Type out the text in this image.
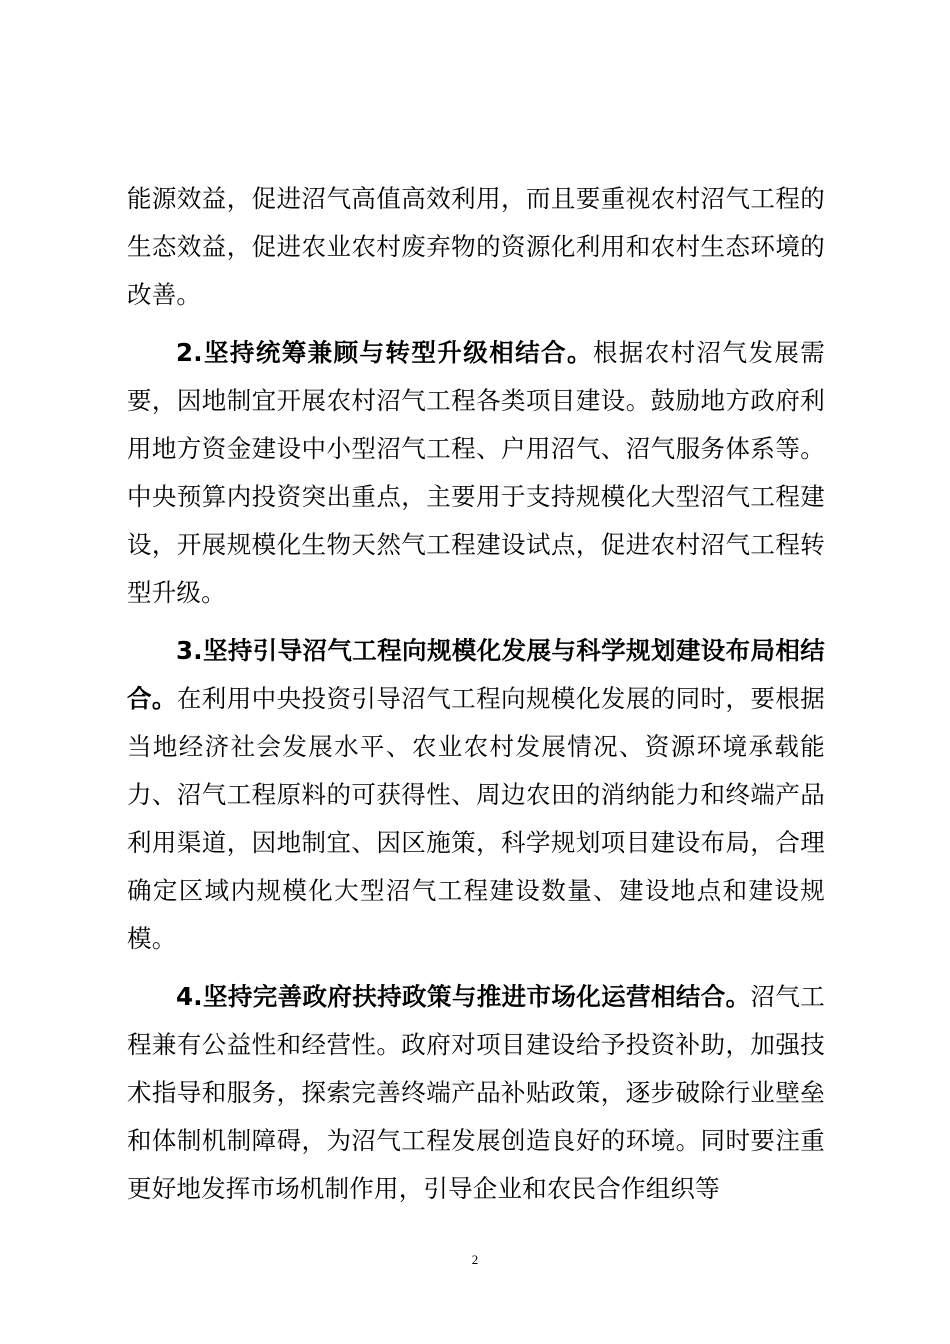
能源效益，促进沼气高值高效利用，而且要重视农村沼气工程的生态效益，促进农业农村废弃物的资源化利用和农村生态环境的改善。

2.坚持统筹兼顾与转型升级相结合。根据农村沼气发展需要，因地制宜开展农村沼气工程各类项目建设。鼓励地方政府利用地方资金建设中小型沼气工程、户用沼气、沼气服务体系等。中央预算内投资突出重点，主要用于支持规模化大型沼气工程建设，开展规模化生物天然气工程建设试点，促进农村沼气工程转型升级。

3.坚持引导沼气工程向规模化发展与科学规划建设布局相结合。在利用中央投资引导沼气工程向规模化发展的同时，要根据当地经济社会发展水平、农业农村发展情况、资源环境承载能力、沼气工程原料的可获得性、周边农田的消纳能力和终端产品利用渠道，因地制宜、因区施策，科学规划项目建设布局，合理确定区域内规模化大型沼气工程建设数量、建设地点和建设规模。

4.坚持完善政府扶持政策与推进市场化运营相结合。沼气工程兼有公益性和经营性。政府对项目建设给予投资补助，加强技术指导和服务，探索完善终端产品补贴政策，逐步破除行业壁垒和体制机制障碍，为沼气工程发展创造良好的环境。同时要注重更好地发挥市场机制作用，引导企业和农民合作组织等

2
